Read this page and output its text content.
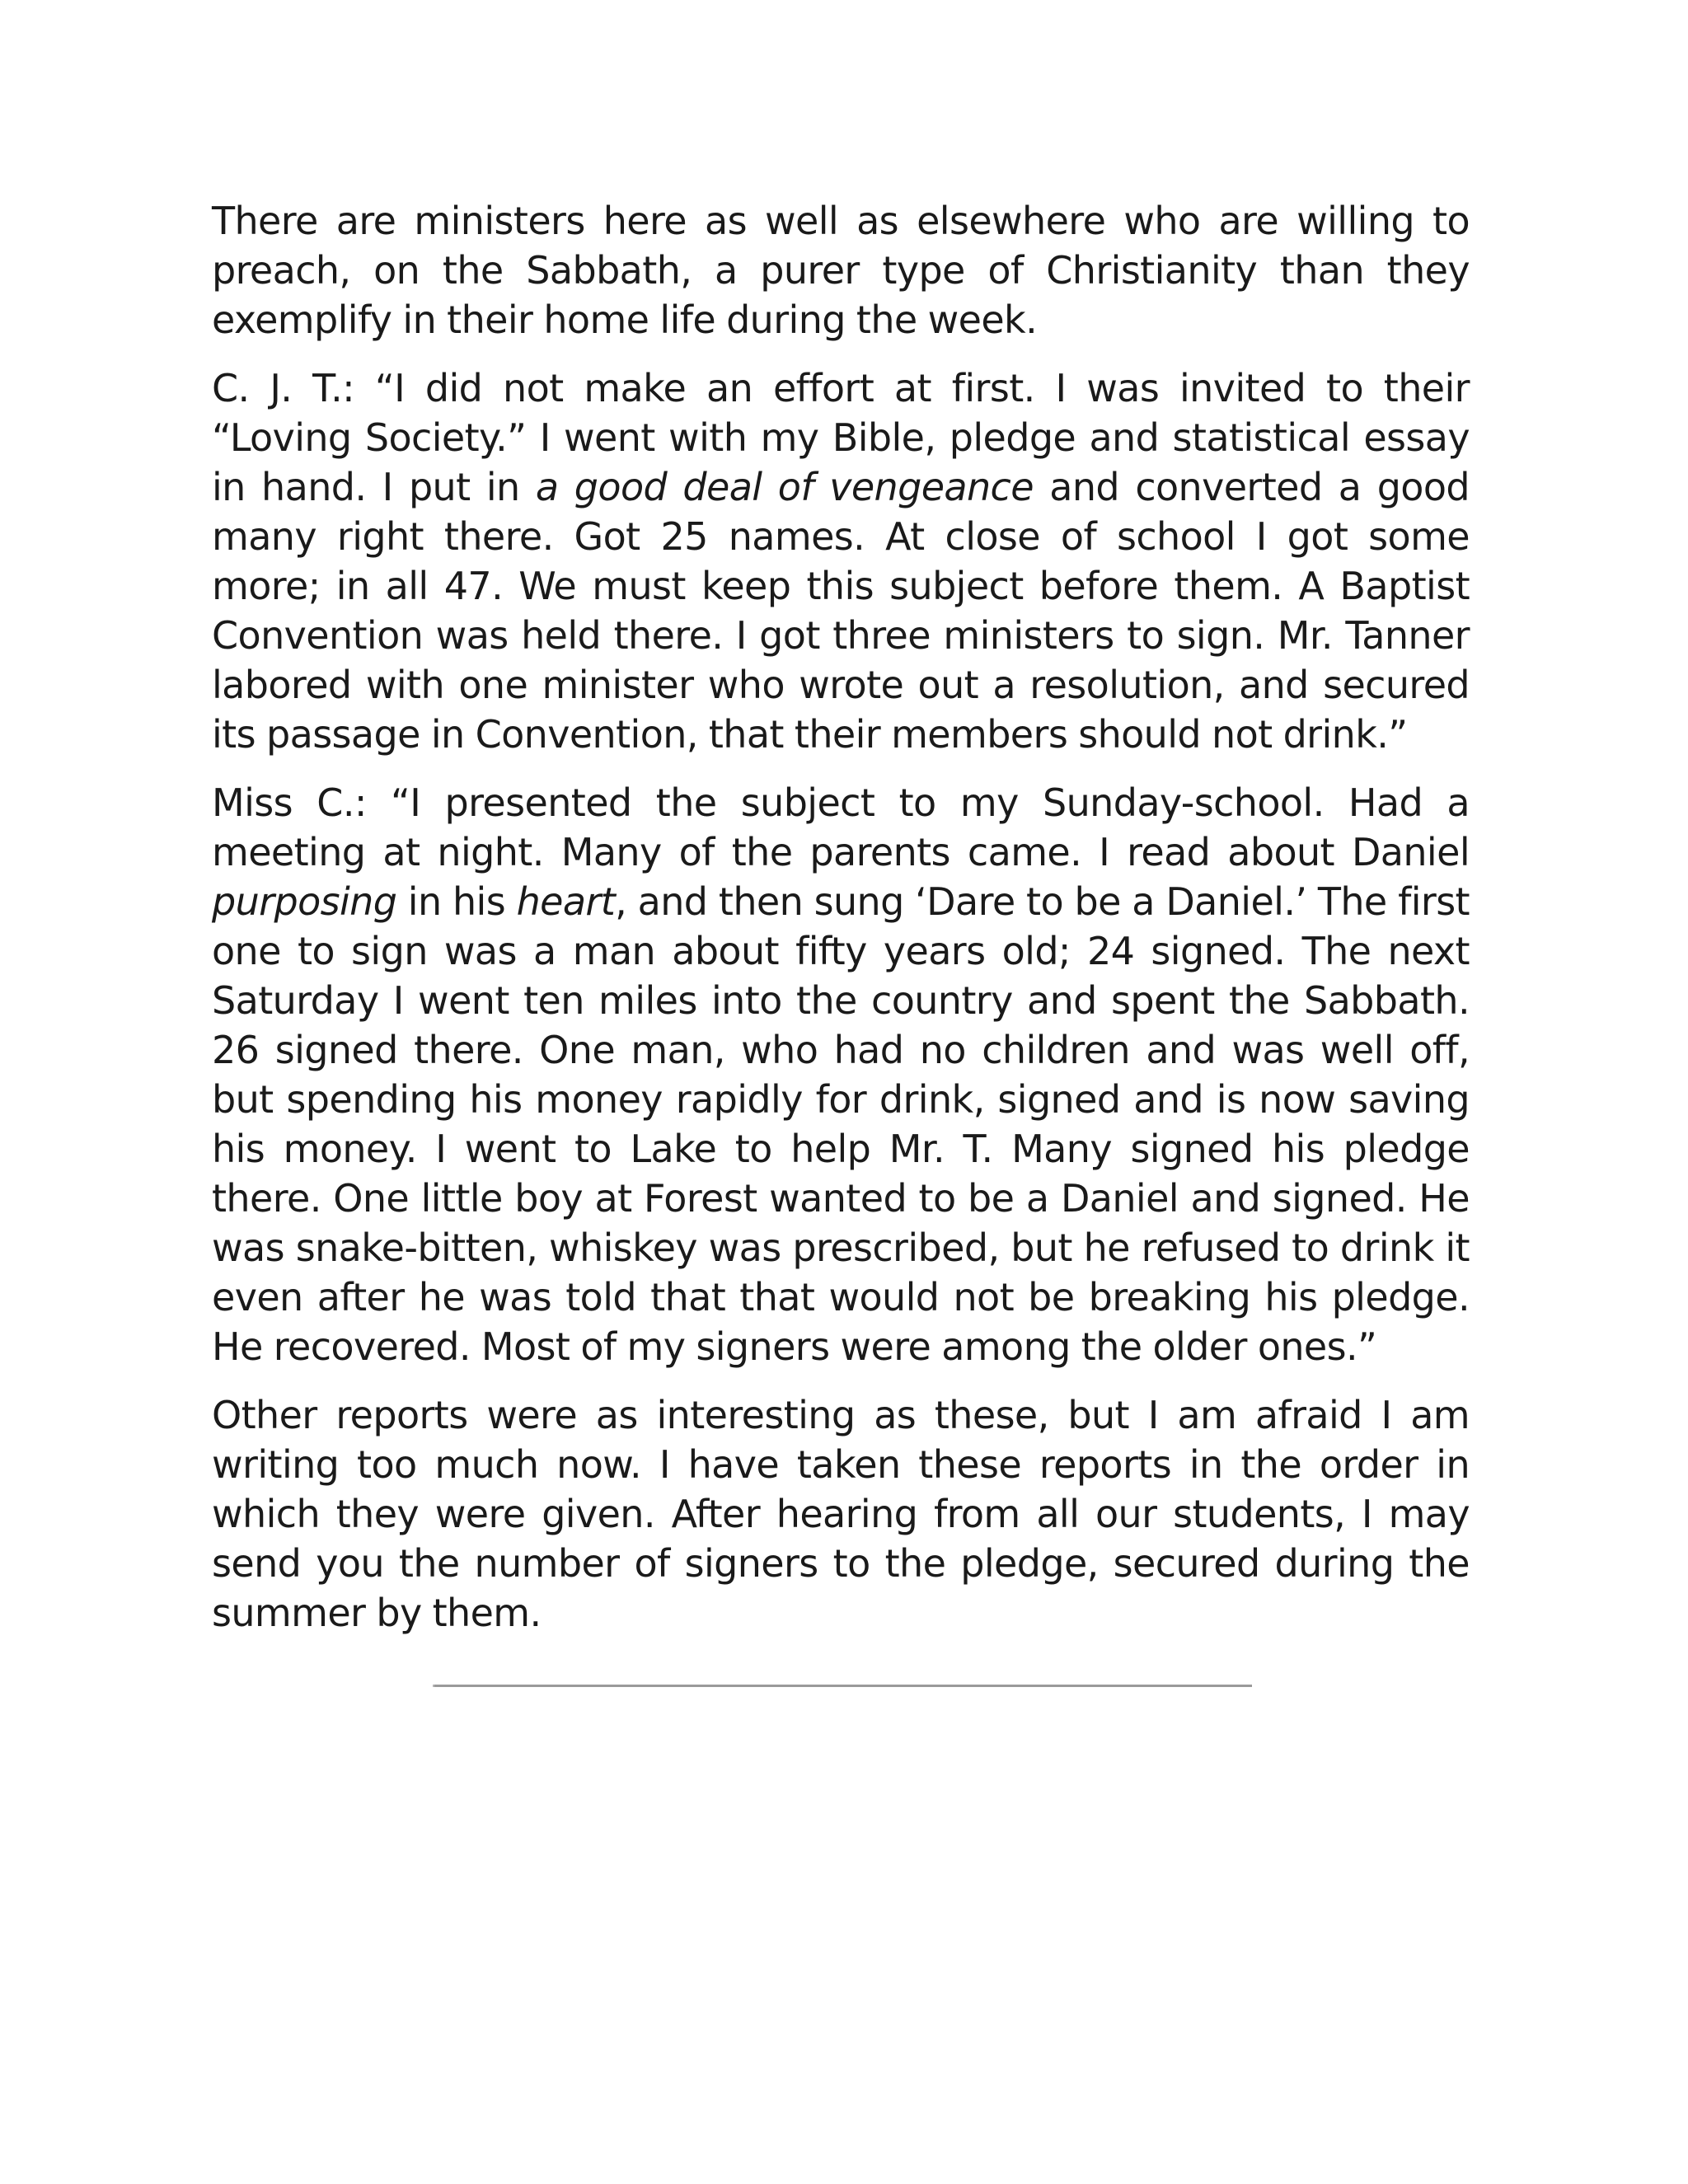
There are ministers here as well as elsewhere who are willing to preach, on the Sabbath, a purer type of Christianity than they exemplify in their home life during the week.

C. J. T.: “I did not make an effort at first. I was invited to their “Loving Society.” I went with my Bible, pledge and statistical essay in hand. I put in a good deal of vengeance and converted a good many right there. Got 25 names. At close of school I got some more; in all 47. We must keep this subject before them. A Baptist Convention was held there. I got three ministers to sign. Mr. Tanner labored with one minister who wrote out a resolution, and secured its passage in Convention, that their members should not drink.”

Miss C.: “I presented the subject to my Sunday-school. Had a meeting at night. Many of the parents came. I read about Daniel purposing in his heart, and then sung ‘Dare to be a Daniel.’ The first one to sign was a man about fifty years old; 24 signed. The next Saturday I went ten miles into the country and spent the Sabbath. 26 signed there. One man, who had no children and was well off, but spending his money rapidly for drink, signed and is now saving his money. I went to Lake to help Mr. T. Many signed his pledge there. One little boy at Forest wanted to be a Daniel and signed. He was snake-bitten, whiskey was prescribed, but he refused to drink it even after he was told that that would not be breaking his pledge. He recovered. Most of my signers were among the older ones.”

Other reports were as interesting as these, but I am afraid I am writing too much now. I have taken these reports in the order in which they were given. After hearing from all our students, I may send you the number of signers to the pledge, secured during the summer by them.
